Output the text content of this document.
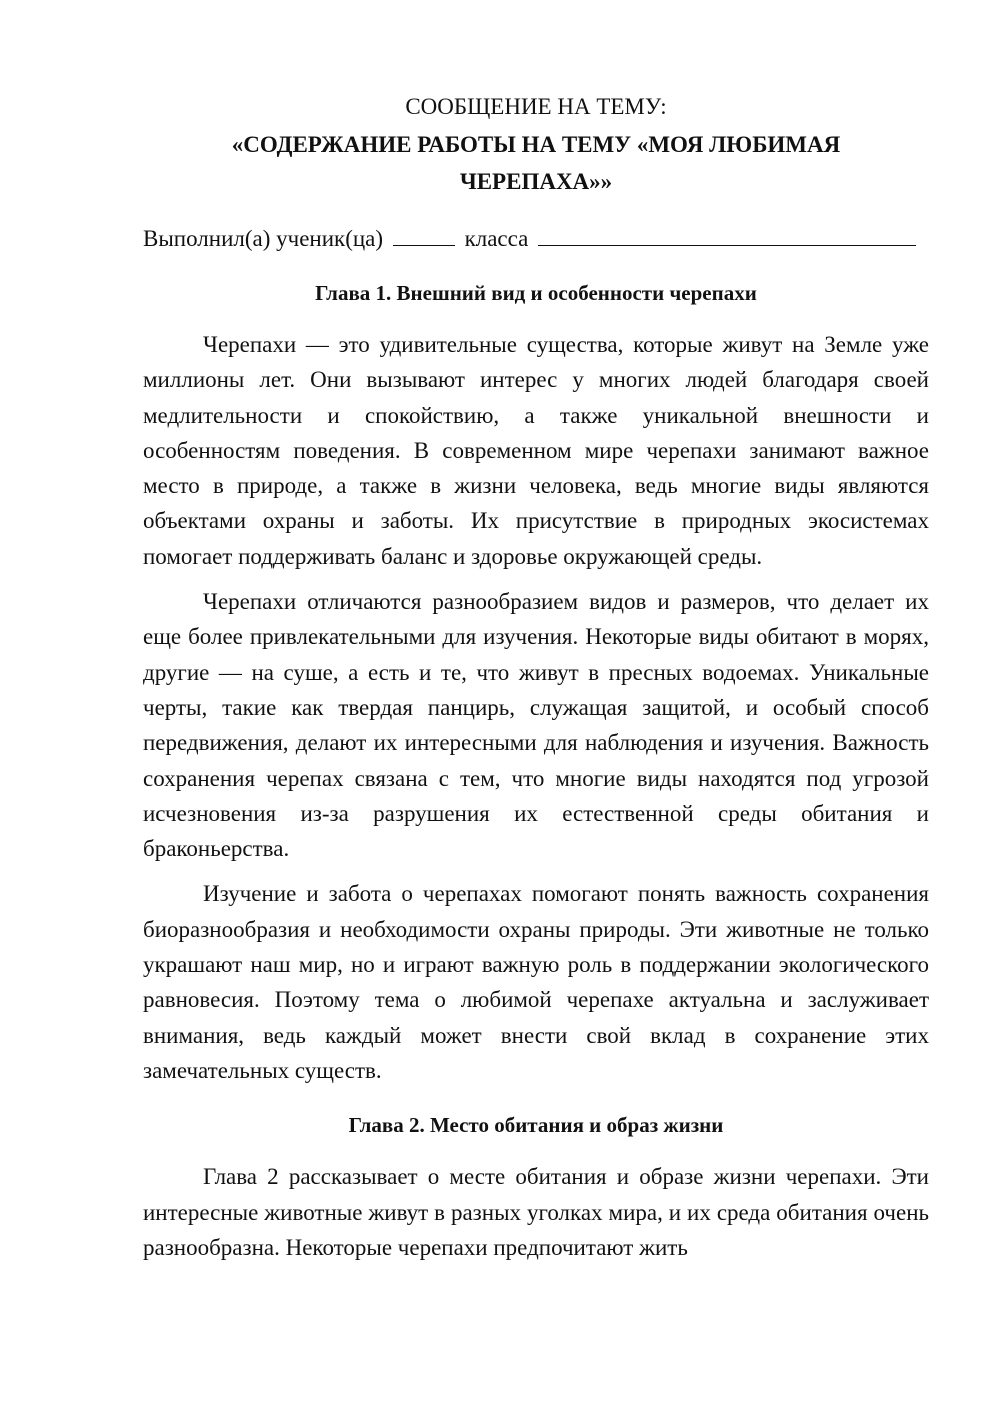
СООБЩЕНИЕ НА ТЕМУ:

«СОДЕРЖАНИЕ РАБОТЫ НА ТЕМУ «МОЯ ЛЮБИМАЯ ЧЕРЕПАХА»»

Выполнил(а) ученик(ца)	класса

Глава 1. Внешний вид и особенности черепахи

Черепахи — это удивительные существа, которые живут на Земле уже миллионы лет. Они вызывают интерес у многих людей благодаря своей медлительности и спокойствию, а также уникальной внешности и особенностям поведения. В современном мире черепахи занимают важное место в природе, а также в жизни человека, ведь многие виды являются объектами охраны и заботы. Их присутствие в природных экосистемах помогает поддерживать баланс и здоровье окружающей среды.

Черепахи отличаются разнообразием видов и размеров, что делает их еще более привлекательными для изучения. Некоторые виды обитают в морях, другие — на суше, а есть и те, что живут в пресных водоемах. Уникальные черты, такие как твердая панцирь, служащая защитой, и особый способ передвижения, делают их интересными для наблюдения и изучения. Важность сохранения черепах связана с тем, что многие виды находятся под угрозой исчезновения из-за разрушения их естественной среды обитания и браконьерства.

Изучение и забота о черепахах помогают понять важность сохранения биоразнообразия и необходимости охраны природы. Эти животные не только украшают наш мир, но и играют важную роль в поддержании экологического равновесия. Поэтому тема о любимой черепахе актуальна и заслуживает внимания, ведь каждый может внести свой вклад в сохранение этих замечательных существ.

Глава 2. Место обитания и образ жизни

Глава 2 рассказывает о месте обитания и образе жизни черепахи. Эти интересные животные живут в разных уголках мира, и их среда обитания очень разнообразна. Некоторые черепахи предпочитают жить
